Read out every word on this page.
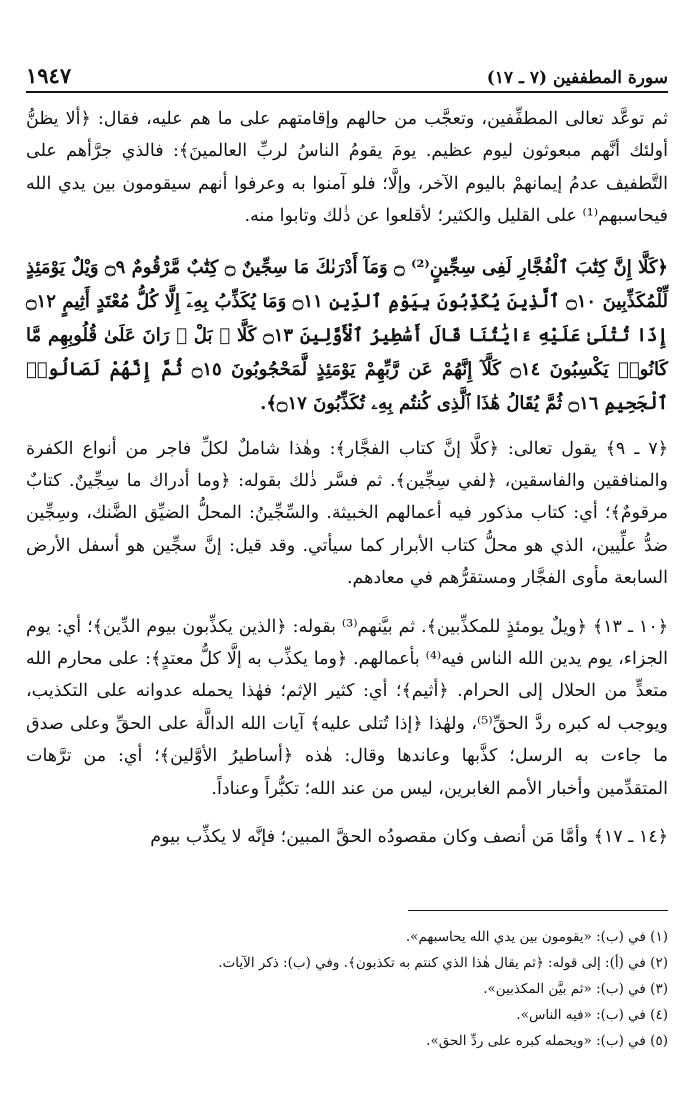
سورة المطففين (٧ ـ ١٧)
١٩٤٧

ثم توعَّد تعالى المطفِّفين، وتعجَّب من حالهم وإقامتهم على ما هم عليه، فقال: ﴿ألا يظنُّ أولئك أنَّهم مبعوثون ليوم عظيم. يومَ يقومُ الناسُ لربِّ العالمينَ﴾: فالذي جرَّأهم على التَّطفيف عدمُ إيمانهمْ باليوم الآخر، وإلَّا؛ فلو آمنوا به وعرفوا أنهم سيقومون بين يدي الله فيحاسبهم⁽¹⁾ على القليل والكثير؛ لأقلعوا عن ذٰلك وتابوا منه.

﴿كَلَّا إِنَّ كِتَٰبَ ٱلْفُجَّارِ لَفِى سِجِّينٍ⁽²⁾ ۝ وَمَآ أَدْرَىٰكَ مَا سِجِّينٌ ۝ كِتَٰبٌ مَّرْقُومٌ ۝٩ وَيْلٌ يَوْمَئِذٍ لِّلْمُكَذِّبِينَ ۝١٠ ٱلَّذِينَ يُكَذِّبُونَ بِيَوْمِ ٱلدِّينِ ۝١١ وَمَا يُكَذِّبُ بِهِۦٓ إِلَّا كُلُّ مُعْتَدٍ أَثِيمٍ ۝١٢ إِذَا تُتْلَىٰ عَلَيْهِ ءَايَٰتُنَا قَالَ أَسَٰطِيرُ ٱلْأَوَّلِينَ ۝١٣ كَلَّا ۖ بَلْ ۜ رَانَ عَلَىٰ قُلُوبِهِم مَّا كَانُوا۟ يَكْسِبُونَ ۝١٤ كَلَّآ إِنَّهُمْ عَن رَّبِّهِمْ يَوْمَئِذٍ لَّمَحْجُوبُونَ ۝١٥ ثُمَّ إِنَّهُمْ لَصَالُوا۟ ٱلْجَحِيمِ ۝١٦ ثُمَّ يُقَالُ هَٰذَا ٱلَّذِى كُنتُم بِهِۦ تُكَذِّبُونَ ۝١٧﴾.

﴿٧ ـ ٩﴾ يقول تعالى: ﴿كلَّا إنَّ كتاب الفجَّار﴾: وهٰذا شاملٌ لكلِّ فاجر من أنواع الكفرة والمنافقين والفاسقين، ﴿لفي سِجِّين﴾. ثم فسَّر ذٰلك بقوله: ﴿وما أدراك ما سِجِّينٌ. كتابٌ مرقومٌ﴾؛ أي: كتاب مذكور فيه أعمالهم الخبيثة. والسِّجِّينُ: المحلُّ الضيِّق الضَّنك، وسِجِّين ضدُّ علِّيين، الذي هو محلُّ كتاب الأبرار كما سيأتي. وقد قيل: إنَّ سجِّين هو أسفل الأرض السابعة مأوى الفجَّار ومستقرُّهم في معادهم.

﴿١٠ ـ ١٣﴾ ﴿ويلٌ يومئذٍ للمكذِّبين﴾. ثم بيَّنهم⁽³⁾ بقوله: ﴿الذين يكذِّبون بيوم الدِّين﴾؛ أي: يوم الجزاء، يوم يدين الله الناس فيه⁽⁴⁾ بأعمالهم. ﴿وما يكذِّب به إلَّا كلُّ معتدٍ﴾: على محارم الله متعدٍّ من الحلال إلى الحرام. ﴿أثيم﴾؛ أي: كثير الإثم؛ فهٰذا يحمله عدوانه على التكذيب، ويوجب له كبره ردَّ الحقِّ⁽⁵⁾، ولهٰذا ﴿إذا تُتلى عليه﴾ آيات الله الدالَّة على الحقِّ وعلى صدق ما جاءت به الرسل؛ كذَّبها وعاندها وقال: هٰذه ﴿أساطيرُ الأوَّلين﴾؛ أي: من ترَّهات المتقدِّمين وأخبار الأمم الغابرين، ليس من عند الله؛ تكبُّراً وعناداً.

﴿١٤ ـ ١٧﴾ وأمَّا مَن أنصف وكان مقصودُه الحقَّ المبين؛ فإنَّه لا يكذِّب بيوم

(١) في (ب): «يقومون بين يدي الله يحاسبهم».
(٢) في (أ): إلى قوله: ﴿ثم يقال هٰذا الذي كنتم به تكذبون﴾. وفي (ب): ذكر الآيات.
(٣) في (ب): «ثم بيَّن المكذبين».
(٤) في (ب): «فيه الناس».
(٥) في (ب): «ويحمله كبره على ردِّ الحق».
